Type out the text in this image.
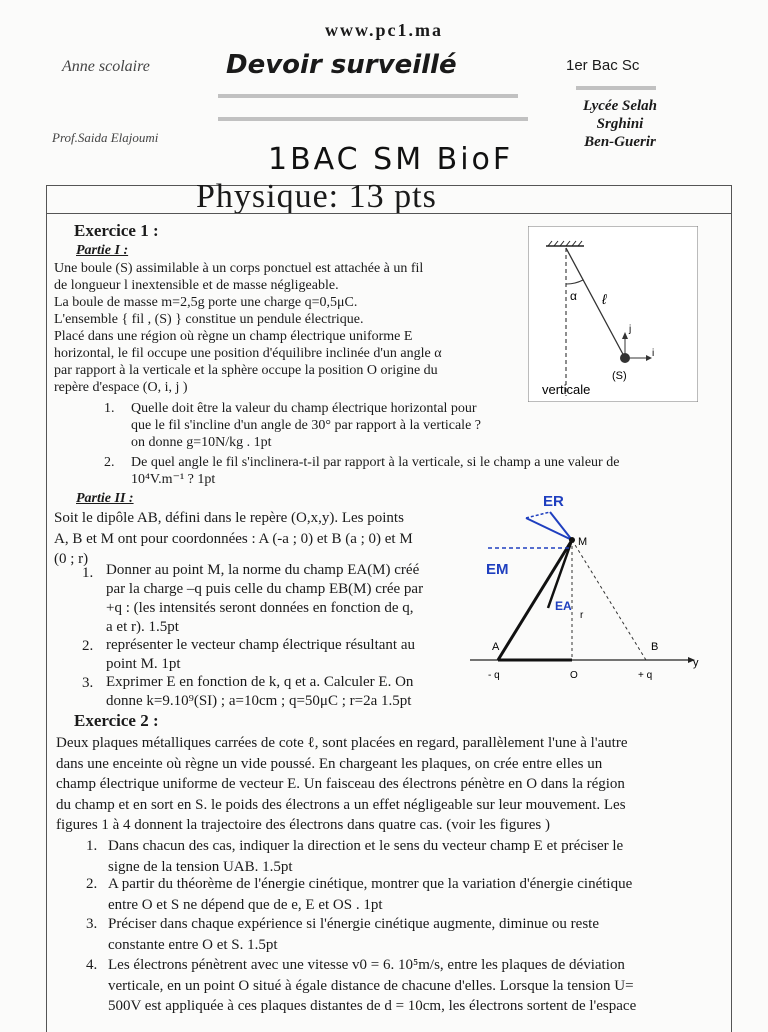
www.pc1.ma
Anne scolaire	Devoir surveillé	1er Bac Sc
Lycée Selah
Srghini
Ben-Guerir
Prof.Saida Elajoumi
1BAC SM BioF
Physique: 13 pts
Exercice 1 :
Partie I :
Une boule (S) assimilable à un corps ponctuel est attachée à un fil
de longueur l inextensible et de masse négligeable.
La boule de masse m=2,5g porte une charge q=0,5μC.
L'ensemble { fil , (S) } constitue un pendule électrique.
Placé dans une région où règne un champ électrique uniforme E
horizontal, le fil occupe une position d'équilibre inclinée d'un angle α
par rapport à la verticale et la sphère occupe la position O origine du
repère d'espace (O, i, j )
1. Quelle doit être la valeur du champ électrique horizontal pour
que le fil s'incline d'un angle de 30° par rapport à la verticale ?
on donne g=10N/kg . 1pt
2. De quel angle le fil s'inclinera-t-il par rapport à la verticale, si le champ a une valeur de
10⁴V.m⁻¹ ? 1pt
α ℓ
i
j
(S)
verticale
Partie II :
Soit le dipôle AB, défini dans le repère (O,x,y). Les points
A, B et M ont pour coordonnées : A (-a ; 0) et B (a ; 0) et M
(0 ; r)
1. Donner au point M, la norme du champ EA(M) créé
par la charge –q puis celle du champ EB(M) crée par
+q : (les intensités seront données en fonction de q,
a et r). 1.5pt
2. représenter le vecteur champ électrique résultant au
point M. 1pt
3. Exprimer E en fonction de k, q et a. Calculer E. On
donne k=9.10⁹(SI) ; a=10cm ; q=50μC ; r=2a 1.5pt
y
M
ER
EM
EA
r
A	B
O
- q	+ q
Exercice 2 :
Deux plaques métalliques carrées de cote ℓ, sont placées en regard, parallèlement l'une à l'autre
dans une enceinte où règne un vide poussé. En chargeant les plaques, on crée entre elles un
champ électrique uniforme de vecteur E. Un faisceau des électrons pénètre en O dans la région
du champ et en sort en S. le poids des électrons a un effet négligeable sur leur mouvement. Les
figures 1 à 4 donnent la trajectoire des électrons dans quatre cas. (voir les figures )
1. Dans chacun des cas, indiquer la direction et le sens du vecteur champ E et préciser le
signe de la tension UAB. 1.5pt
2. A partir du théorème de l'énergie cinétique, montrer que la variation d'énergie cinétique
entre O et S ne dépend que de e, E et OS . 1pt
3. Préciser dans chaque expérience si l'énergie cinétique augmente, diminue ou reste
constante entre O et S. 1.5pt
4. Les électrons pénètrent avec une vitesse v0 = 6. 10⁵m/s, entre les plaques de déviation
verticale, en un point O situé à égale distance de chacune d'elles. Lorsque la tension U=
500V est appliquée à ces plaques distantes de d = 10cm, les électrons sortent de l'espace
